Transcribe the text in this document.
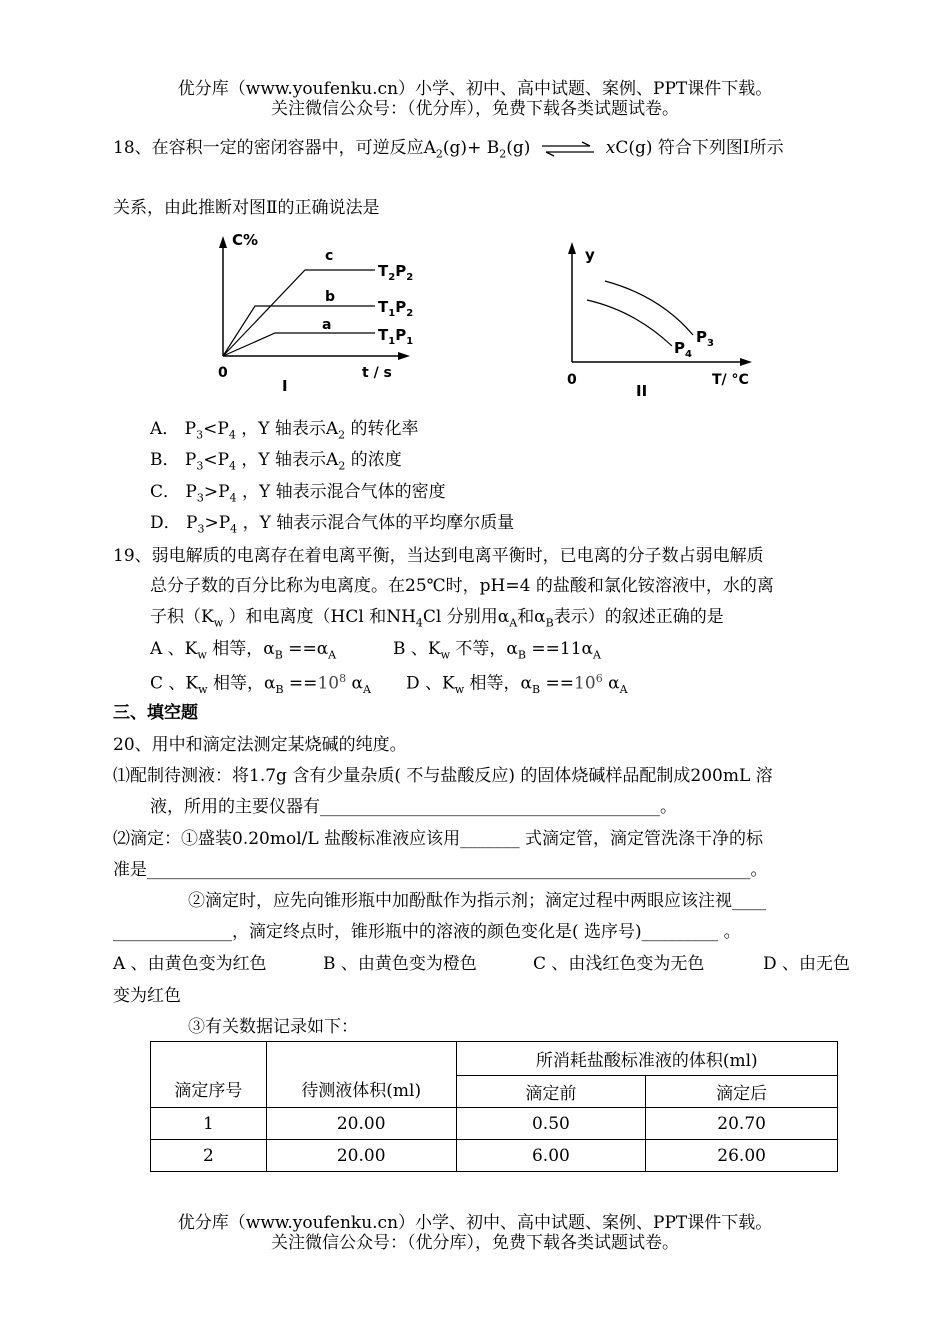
优分库（www.youfenku.cn）小学、初中、高中试题、案例、PPT课件下载。
关注微信公众号：（优分库），免费下载各类试题试卷。
18、在容积一定的密闭容器中，可逆反应$A_2(g)+ B_2(g)$ ⇌ xC(g) 符合下列图Ⅰ所示
关系，由此推断对图Ⅱ的正确说法是
C%
0	t / s
I
c
b
a
$T_2P_2$
$T_1P_2$
$T_1P_1$
y
0	T/ °C
II
$P_3$
$P_4$
A． $P_3<P_4$ ，Y 轴表示$A_2$ 的转化率
B． $P_3<P_4$ ，Y 轴表示$A_2$ 的浓度
C． $P_3>P_4$ ，Y 轴表示混合气体的密度
D． $P_3>P_4$ ，Y 轴表示混合气体的平均摩尔质量
19、弱电解质的电离存在着电离平衡，当达到电离平衡时，已电离的分子数占弱电解质
总分子数的百分比称为电离度。在25℃时，pH=4 的盐酸和氯化铵溶液中，水的离
子积（$K_w$ ）和电离度（HCl 和$NH_4Cl$ 分别用$\alpha_A$和$\alpha_B$表示）的叙述正确的是
A 、$K_w$ 相等，$\alpha_B ==\alpha_A$	B 、$K_w$ 不等，$\alpha_B ==11\alpha_A$
C 、$K_w$ 相等，$\alpha_B ==10^8$ $\alpha_A$ D 、$K_w$ 相等，$\alpha_B ==10^6$ $\alpha_A$
三、填空题
20、用中和滴定法测定某烧碱的纯度。
⑴配制待测液：将1.7g 含有少量杂质( 不与盐酸反应) 的固体烧碱样品配制成200mL 溶
液，所用的主要仪器有________________________________________。
⑵滴定：①盛装0.20mol/L 盐酸标准液应该用_______ 式滴定管，滴定管洗涤干净的标
准是_______________________________________________________________________。
②滴定时，应先向锥形瓶中加酚酞作为指示剂；滴定过程中两眼应该注视____
______________，滴定终点时，锥形瓶中的溶液的颜色变化是( 选序号)_________ 。
A 、由黄色变为红色	B 、由黄色变为橙色	C 、由浅红色变为无色	D 、由无色
变为红色
③有关数据记录如下：
滴定序号	待测液体积(ml)	所消耗盐酸标准液的体积(ml)	
		滴定前	滴定后
1	20.00	0.50	20.70
2	20.00	6.00	26.00
优分库（www.youfenku.cn）小学、初中、高中试题、案例、PPT课件下载。
关注微信公众号：（优分库），免费下载各类试题试卷。
